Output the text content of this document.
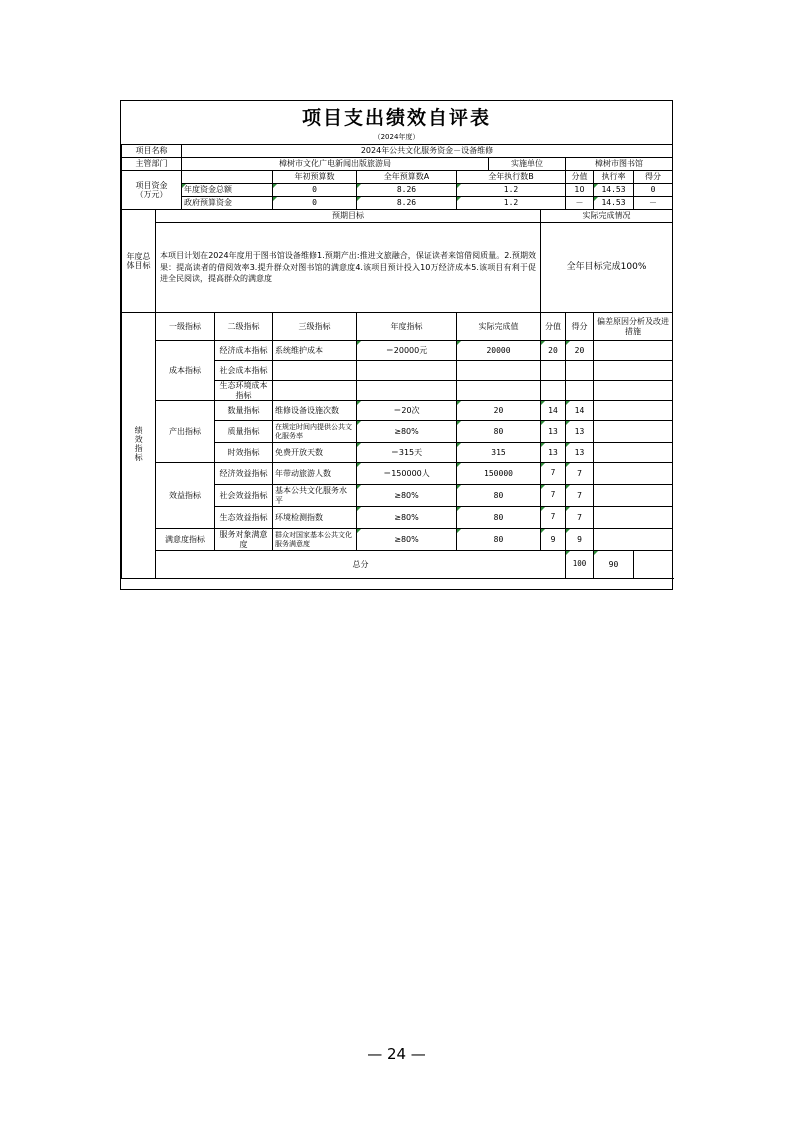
项目支出绩效自评表
（2024年度）
项目名称		2024年公共文化服务资金－设备维修									
主管部门		樟树市文化广电新闻出版旅游局					实施单位		樟树市图书馆		
项目资金
（万元）				年初预算数	全年预算数A	全年执行数B			分值	执行率	得分
		年度资金总额		0	8.26	1.2			10	14.53	0
		政府预算资金		0	8.26	1.2			－	14.53	－
年度总体目标	预期目标							实际完成情况			
	本项目计划在2024年度用于图书馆设备维修1.预期产出:推进文旅融合，保证读者来馆借阅质量。2.预期效果：提高读者的借阅效率3.提升群众对图书馆的满意度4.该项目预计投入10万经济成本5.该项目有利于促进全民阅读，提高群众的满意度							全年目标完成100%			
绩效指标	一级指标		二级指标	三级指标	年度指标	实际完成值		分值	得分	偏差原因分析及改进措施	
	成本指标		经济成本指标	系统维护成本	＝20000元	20000		20	20		
			社会成本指标								
			生态环境成本指标								
	产出指标		数量指标	维修设备设施次数	＝20次	20		14	14		
			质量指标	在规定时间内提供公共文化服务率	≥80%	80		13	13		
			时效指标	免费开放天数	＝315天	315		13	13		
	效益指标		经济效益指标	年带动旅游人数	＝150000人	150000		7	7		
			社会效益指标	基本公共文化服务水平	≥80%	80		7	7		
			生态效益指标	环境检测指数	≥80%	80		7	7		
	满意度指标		服务对象满意度	群众对国家基本公共文化服务满意度	≥80%	80		9	9		
	总分								100	90	
— 24 —
